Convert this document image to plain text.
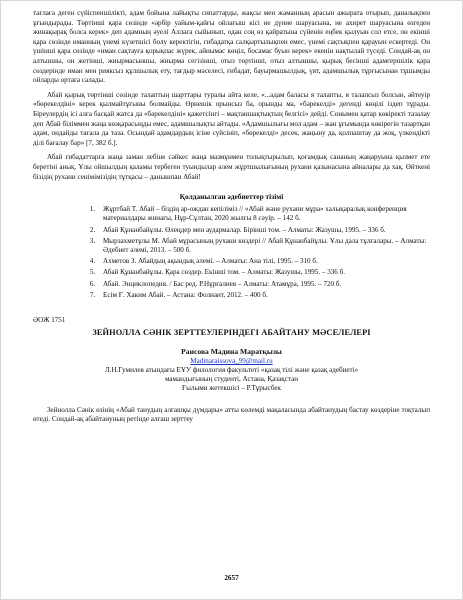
тағлаға деген сүйіспеншілікті, адам бойына лайықты сипаттарды, жақсы мен жаманның арасын ажырата отырып, даналықпен ұғындырады. Төртінші қара сөзінде «әрбір уайым-қайғы ойлағыш кісі не дүние шаруасына, не ахирет шаруасына өзгеден жинақырақ болса керек» деп адамның әуелі Аллаға сыйынып, одан соң өз қайратына сүйенін еңбек қылуын сол етсе, он екінші қара сөзінде иманның үнемі күзетшісі болу керектігін, ғибадатқа салқыртылықпен емес, үнемі сақтықпен қарауын ескертеді. Он үшінші қара сөзінде «иман сақтауға қорықпас жүрек, айнымас көңіл, босамас буын керек» екенін нақтылай түседі. Сондай-ақ он алтыншы, он жетінші, жиырмасыншы, жиырма сегізінші, отыз төртінші, отыз алтыншы, қырық бесінші адамгершілік қара сөздерінде иман мен рияксыз құлшылық ету, тағдыр мәселесі, ғибадат, бауырмашылдық, үят, адамшылық тұрғысынан тұшымды ойларды ортаға салады.

Абай қырық төртінші сөзінде талаптың шарттары туралы айта келе, «...адам баласы я талапты, я талапсыз болсын, әйтеуір «бөрекелдіні» керек қылмайтұғыны болмайды. Өрнешік орынсыз ба, орынды ма, «бәрекелді» дегенді көңілі іздеп тұрады. Біреулердің ісі алға басқай жатса да «бәрекелдіні» қажетсінгі – мақтаншақтықтың белгісі» дейді. Сонымен қатар көкіректі тазалау деп Абай біліммен жаңа көзқарасыңды емес, адамшылықты айтады. «Адамшылығы мол адам – жан ұғымында көкірегін тазартқан адам, ондайды тағала да таза. Осындай адамдардың ісіне сүйсініп, «бөрекелді» десек, жаңыну да, қолпаштау да жоқ, үлкендікті ділі бағалау бар» [7, 382 б.].

Абай ғибадаттарға жаңа заман лебіне сәйкес жаңа мазмұнмен толықтырылып, қоғамдық сананың жаңаруына қызмет ете беретіні анық. Ұлы ойшылдың қаламы тербеген туындылар әлем жұртшылығының рухани қазынасына айналары да хақ. Өйткені бізідің рухани сенімімізідің тұтқасы – данышпан Абай!

Қолданылған әдебиеттер тізімі
1. Жұртбай Т. Абай – біздің ар-ождан кепіліміз // «Абай және рухани мұра» халықаралық конференция материалдары жинағы, Нұр-Сұлтан, 2020 жылғы 8 сәуір. – 142 б.
2. Абай Құнанбайұлы. Өлеңдер мен аудармалар. Бірінші том. – Алматы: Жазушы, 1995. – 336 б.
3. Мырзахметұлы М. Абай мұрасының рухани көздері // Абай Құнанбайұлы. Ұлы дала тұлғалары. – Алматы: Әдебиет әлемі, 2013. – 500 б.
4. Ахметов З. Абайдың ақындық әлемі. – Алматы: Ана тілі, 1995. – 310 б.
5. Абай Құнанбайұлы. Қара сөздер. Екінші том. – Алматы: Жазушы, 1995. – 336 б.
6. Абай. Энциклопедия. / Бас ред. Р.Нұрғалиев – Алматы: Атамұра, 1995. – 720 б.
7. Есім Ғ. Хаким Абай. – Астана: Фолиант, 2012. – 400 б.

ӘОЖ 1751

ЗЕЙНОЛЛА СӘНІК ЗЕРТТЕУЛЕРІНДЕГІ АБАЙТАНУ МӘСЕЛЕЛЕРІ

Раисова Мадина Маратқызы

Madinaraissova_99@mail.ru

Л.Н.Гумилев атындағы ЕҰУ филология факультеті «қазақ тілі және қазақ әдебиеті»

мамандығының студенті, Астана, Қазақстан

Ғылыми жетекшісі – Р.Тұрысбек

Зейнолла Сәнік өзінің «Абай танудың алғашқы дүмдары» атты көлемді мақаласында абайтанудың бастау көздеріне тоқталып өтеді. Сондай-ақ абайтануның ретінде алғаш зерттеу

2657
